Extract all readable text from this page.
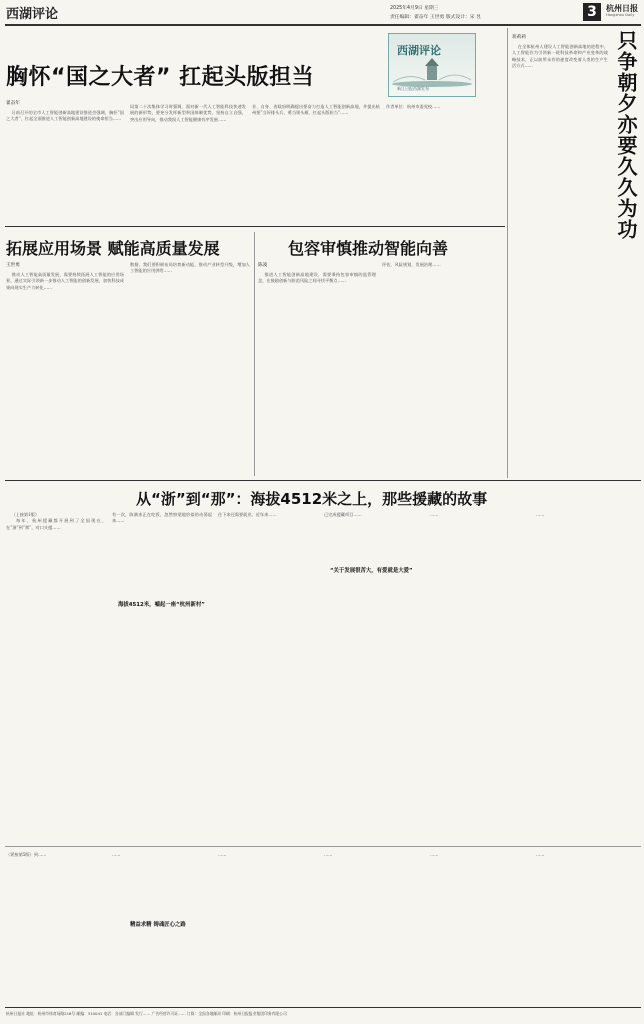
西湖评论	2025年4月9日 星期三
责任编辑：翟奋年 王世勇 版式设计：宋 昱	3	杭州日报
Hangzhou Daily
胸怀“国之大者” 扛起头版担当
西湖评论
新江日报西湖发布
翟奋年
日前召开的全市人工智能创新高地建设推进会强调，胸怀“国之大者”，扛起全面推进人工智能创新高地建设的使命担当……
局第二十次集体学习时强调，面对新一代人工智能科技快速发展的新形势，要充分发挥新型举国体制优势，坚持自立自强，突出应用导向，推动我国人工智能健康有序发展……
业、自身、省政府明确提出要奋力打造人工智能创新高地，并提出杭州要“当好排头兵、勇当领头雁、扛起头版担当”……
作者单位：杭州市委党校……
蒋莉莉	只争朝夕亦要久久为功
在全体杭州人建设人工智能创新高地的进程中，人工智能作为引领新一轮科技革命和产业变革的战略技术，正以前所未有的速度改变着人类的生产生活方式……
拓展应用场景 赋能高质量发展
王世勇
推动人工智能高质量发展，需要持续拓展人工智能的应用场景，通过实际引领新一步推动人工智能的创新发展，加快科技成果向现实生产力转化……
数据，我们要积极布局培育新动能，推动产业转型升级，增加人工智能的应用供给……
包容审慎推动智能向善
陈凌
推进人工智能创新高地建设，需要秉持包容审慎的监管理念，在鼓励创新与防范风险之间寻找平衡点……
评估，风险规划，发展治理……
从“浙”到“那”：海拔4512米之上，那些援藏的故事
（上接第1版）
每年，杭州援藏都开展到了全国现在，在“浙”到“那”，对口支援……
有一次，陈满来正在吃饭，忽然察觉地恰似的动荡起来……
海拔4512米，嘘起一座“杭州新村”
住下来还需要就业。近年来……	已完成援藏项目……
“关于发展很苦大，有爱就是大爱”
……	……
（紧接第5版）到……	……
精益求精 铸魂匠心之路
……	……	……	……
杭州日报社 地址：杭州市体育场路218号 邮编：310041 电话：各部门编辑 发行…… 广告经营许可证…… 订阅：全国各地邮局 印刷：杭州日报报业集团印务有限公司
